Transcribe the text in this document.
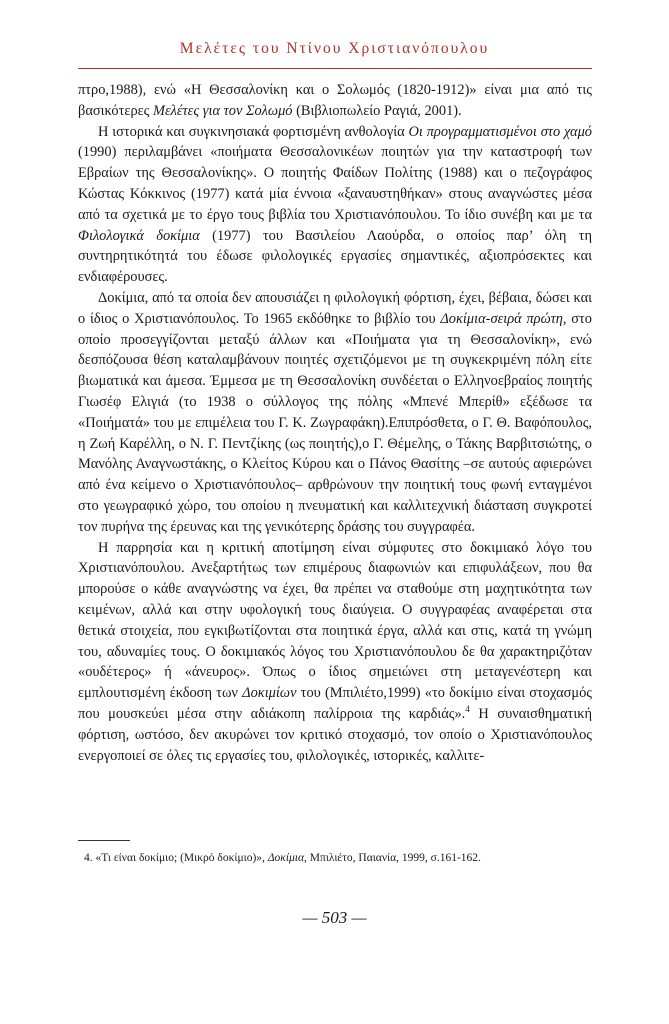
Μελέτες του Ντίνου Χριστιανόπουλου

πτρο,1988), ενώ «Η Θεσσαλονίκη και ο Σολωμός (1820-1912)» είναι μια από τις βασικότερες Μελέτες για τον Σολωμό (Βιβλιοπωλείο Ραγιά, 2001).

Η ιστορικά και συγκινησιακά φορτισμένη ανθολογία Οι προγραμματισμένοι στο χαμό (1990) περιλαμβάνει «ποιήματα Θεσσαλονικέων ποιητών για την καταστροφή των Εβραίων της Θεσσαλονίκης». Ο ποιητής Φαίδων Πολίτης (1988) και ο πεζογράφος Κώστας Κόκκινος (1977) κατά μία έννοια «ξαναυστηθήκαν» στους αναγνώστες μέσα από τα σχετικά με το έργο τους βιβλία του Χριστιανόπουλου. Το ίδιο συνέβη και με τα Φιλολογικά δοκίμια (1977) του Βασιλείου Λαούρδα, ο οποίος παρ’ όλη τη συντηρητικότητά του έδωσε φιλολογικές εργασίες σημαντικές, αξιοπρόσεκτες και ενδιαφέρουσες.

Δοκίμια, από τα οποία δεν απουσιάζει η φιλολογική φόρτιση, έχει, βέβαια, δώσει και ο ίδιος ο Χριστιανόπουλος. Το 1965 εκδόθηκε το βιβλίο του Δοκίμια-σειρά πρώτη, στο οποίο προσεγγίζονται μεταξύ άλλων και «Ποιήματα για τη Θεσσαλονίκη», ενώ δεσπόζουσα θέση καταλαμβάνουν ποιητές σχετιζόμενοι με τη συγκεκριμένη πόλη είτε βιωματικά και άμεσα. Έμμεσα με τη Θεσσαλονίκη συνδέεται ο Ελληνοεβραίος ποιητής Γιωσέφ Ελιγιά (το 1938 ο σύλλογος της πόλης «Μπενέ Μπερίθ» εξέδωσε τα «Ποιήματά» του με επιμέλεια του Γ. Κ. Ζωγραφάκη).Επιπρόσθετα, ο Γ. Θ. Βαφόπουλος, η Ζωή Καρέλλη, ο Ν. Γ. Πεντζίκης (ως ποιητής),ο Γ. Θέμελης, ο Τάκης Βαρβιτσιώτης, ο Μανόλης Αναγνωστάκης, ο Κλείτος Κύρου και ο Πάνος Θασίτης –σε αυτούς αφιερώνει από ένα κείμενο ο Χριστιανόπουλος– αρθρώνουν την ποιητική τους φωνή ενταγμένοι στο γεωγραφικό χώρο, του οποίου η πνευματική και καλλιτεχνική διάσταση συγκροτεί τον πυρήνα της έρευνας και της γενικότερης δράσης του συγγραφέα.

Η παρρησία και η κριτική αποτίμηση είναι σύμφυτες στο δοκιμιακό λόγο του Χριστιανόπουλου. Ανεξαρτήτως των επιμέρους διαφωνιών και επιφυλάξεων, που θα μπορούσε ο κάθε αναγνώστης να έχει, θα πρέπει να σταθούμε στη μαχητικότητα των κειμένων, αλλά και στην υφολογική τους διαύγεια. Ο συγγραφέας αναφέρεται στα θετικά στοιχεία, που εγκιβωτίζονται στα ποιητικά έργα, αλλά και στις, κατά τη γνώμη του, αδυναμίες τους. Ο δοκιμιακός λόγος του Χριστιανόπουλου δε θα χαρακτηριζόταν «ουδέτερος» ή «άνευρος». Όπως ο ίδιος σημειώνει στη μεταγενέστερη και εμπλουτισμένη έκδοση των Δοκιμίων του (Μπιλιέτο,1999) «το δοκίμιο είναι στοχασμός που μουσκεύει μέσα στην αδιάκοπη παλίρροια της καρδιάς».$^4$ Η συναισθηματική φόρτιση, ωστόσο, δεν ακυρώνει τον κριτικό στοχασμό, τον οποίο ο Χριστιανόπουλος ενεργοποιεί σε όλες τις εργασίες του, φιλολογικές, ιστορικές, καλλιτε-

4. «Τι είναι δοκίμιο; (Μικρό δοκίμιο)», Δοκίμια, Μπιλιέτο, Παιανία, 1999, σ.161-162.
— 503 —
